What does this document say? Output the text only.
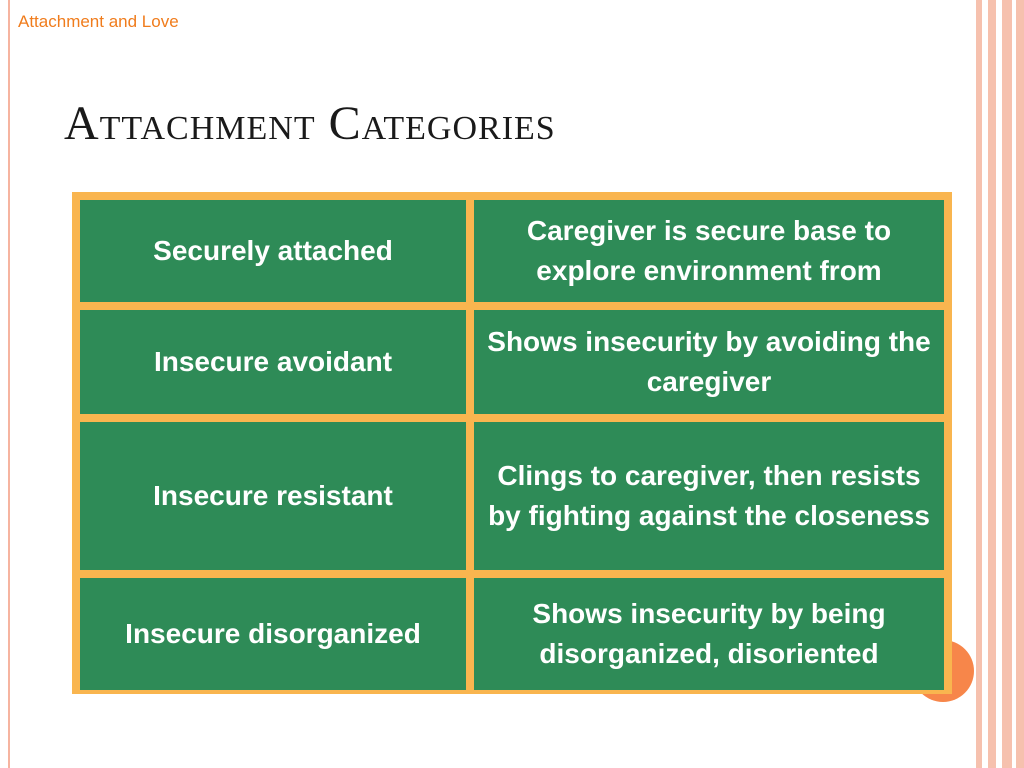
Attachment and Love
Attachment Categories
Securely attached
Caregiver is secure base to explore environment from
Insecure avoidant
Shows insecurity by avoiding the caregiver
Insecure resistant
Clings to caregiver, then resists by fighting against the closeness
Insecure disorganized
Shows insecurity by being disorganized, disoriented
